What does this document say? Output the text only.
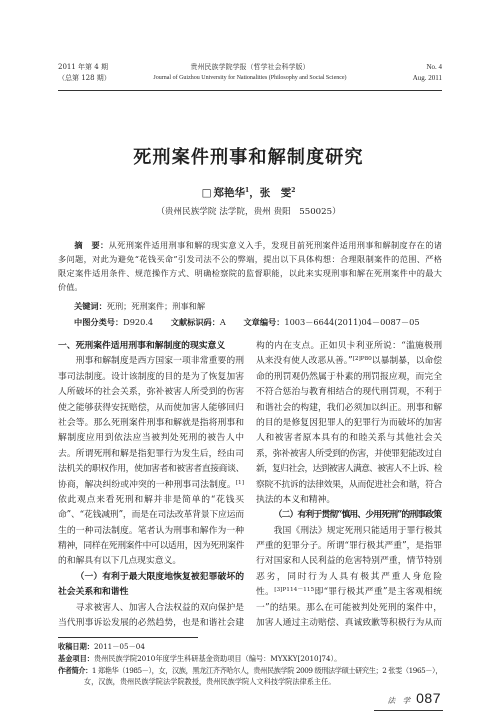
2011 年第 4 期
（总第 128 期）
贵州民族学院学报（哲学社会科学版）
Journal of Guizhou University for Nationalities (Philosophy and Social Science)
No. 4
Aug. 2011
死刑案件刑事和解制度研究
□ 郑艳华$^1$，张　雯$^2$
（贵州民族学院 法学院，贵州 贵阳　550025）
摘　要：从死刑案件适用刑事和解的现实意义入手，发现目前死刑案件适用刑事和解制度存在的诸
多问题，对此为避免“花钱买命”引发司法不公的弊端，提出以下具体构想：合理限制案件的范围、严格
限定案件适用条件、规范操作方式、明确检察院的监督职能，以此来实现刑事和解在死刑案件中的最大
价值。
关键词：死刑；死刑案件；刑事和解
中图分类号：D920.4 文献标识码：A 文章编号：1003－6644(2011)04－0087－05
一、死刑案件适用刑事和解制度的现实意义
刑事和解制度是西方国家一项非常重要的刑
事司法制度。设计该制度的目的是为了恢复加害
人所破坏的社会关系，弥补被害人所受到的伤害
使之能够获得安抚赔偿，从而使加害人能够回归
社会等。那么死刑案件刑事和解就是指将刑事和
解制度应用到依法应当被判处死刑的被告人中
去。所谓死刑和解是指犯罪行为发生后，经由司
法机关的职权作用，使加害者和被害者直接商谈、
协商，解决纠纷或冲突的一种刑事司法制度。[1]
依此观点来看死刑和解并非是简单的“花钱买
命”、“花钱减刑”，而是在司法改革背景下应运而
生的一种司法制度。笔者认为刑事和解作为一种
精神，同样在死刑案件中可以适用，因为死刑案件
的和解具有以下几点现实意义。
（一）有利于最大限度地恢复被犯罪破坏的
社会关系和和谐性
寻求被害人、加害人合法权益的双向保护是
当代刑事诉讼发展的必然趋势，也是和谐社会建
构的内在支点。正如贝卡利亚所说：“滥施极刑
从来没有使人改恶从善。”$^{[2]P80}$以暴制暴，以命偿
命的刑罚观仍然属于朴素的刑罚报应观，而完全
不符合惩治与教育相结合的现代刑罚观，不利于
和谐社会的构建，我们必须加以纠正。刑事和解
的目的是修复因犯罪人的犯罪行为而破坏的加害
人和被害者原本具有的和睦关系与其他社会关
系，弥补被害人所受到的伤害，并使罪犯能改过自
新，复归社会，达到被害人满意、被害人不上诉、检
察院不抗诉的法律效果，从而促进社会和谐，符合
执法的本义和精神。
（二）有利于贯彻“慎用、少用死刑”的刑事政策
我国《刑法》规定死刑只能适用于罪行极其
严重的犯罪分子。所谓“罪行极其严重”，是指罪
行对国家和人民利益的危害特别严重，情节特别
恶劣，同时行为人具有极其严重人身危险
性。$^{[3]P114-115}$即“罪行极其严重”是主客观相统
一”的结果。那么在可能被判处死刑的案件中，
加害人通过主动赔偿、真诚致歉等积极行为从而
收稿日期：2011－05－04
基金项目：贵州民族学院2010年度学生科研基金资助项目（编号：MYXKY[2010]74）。
作者简介：1 郑艳华（1985－），女，汉族，黑龙江齐齐哈尔人，贵州民族学院 2009 级刑法学硕士研究生；2 张雯（1965－），
女，汉族，贵州民族学院法学院教授，贵州民族学院人文科技学院法律系主任。
法　学 087
